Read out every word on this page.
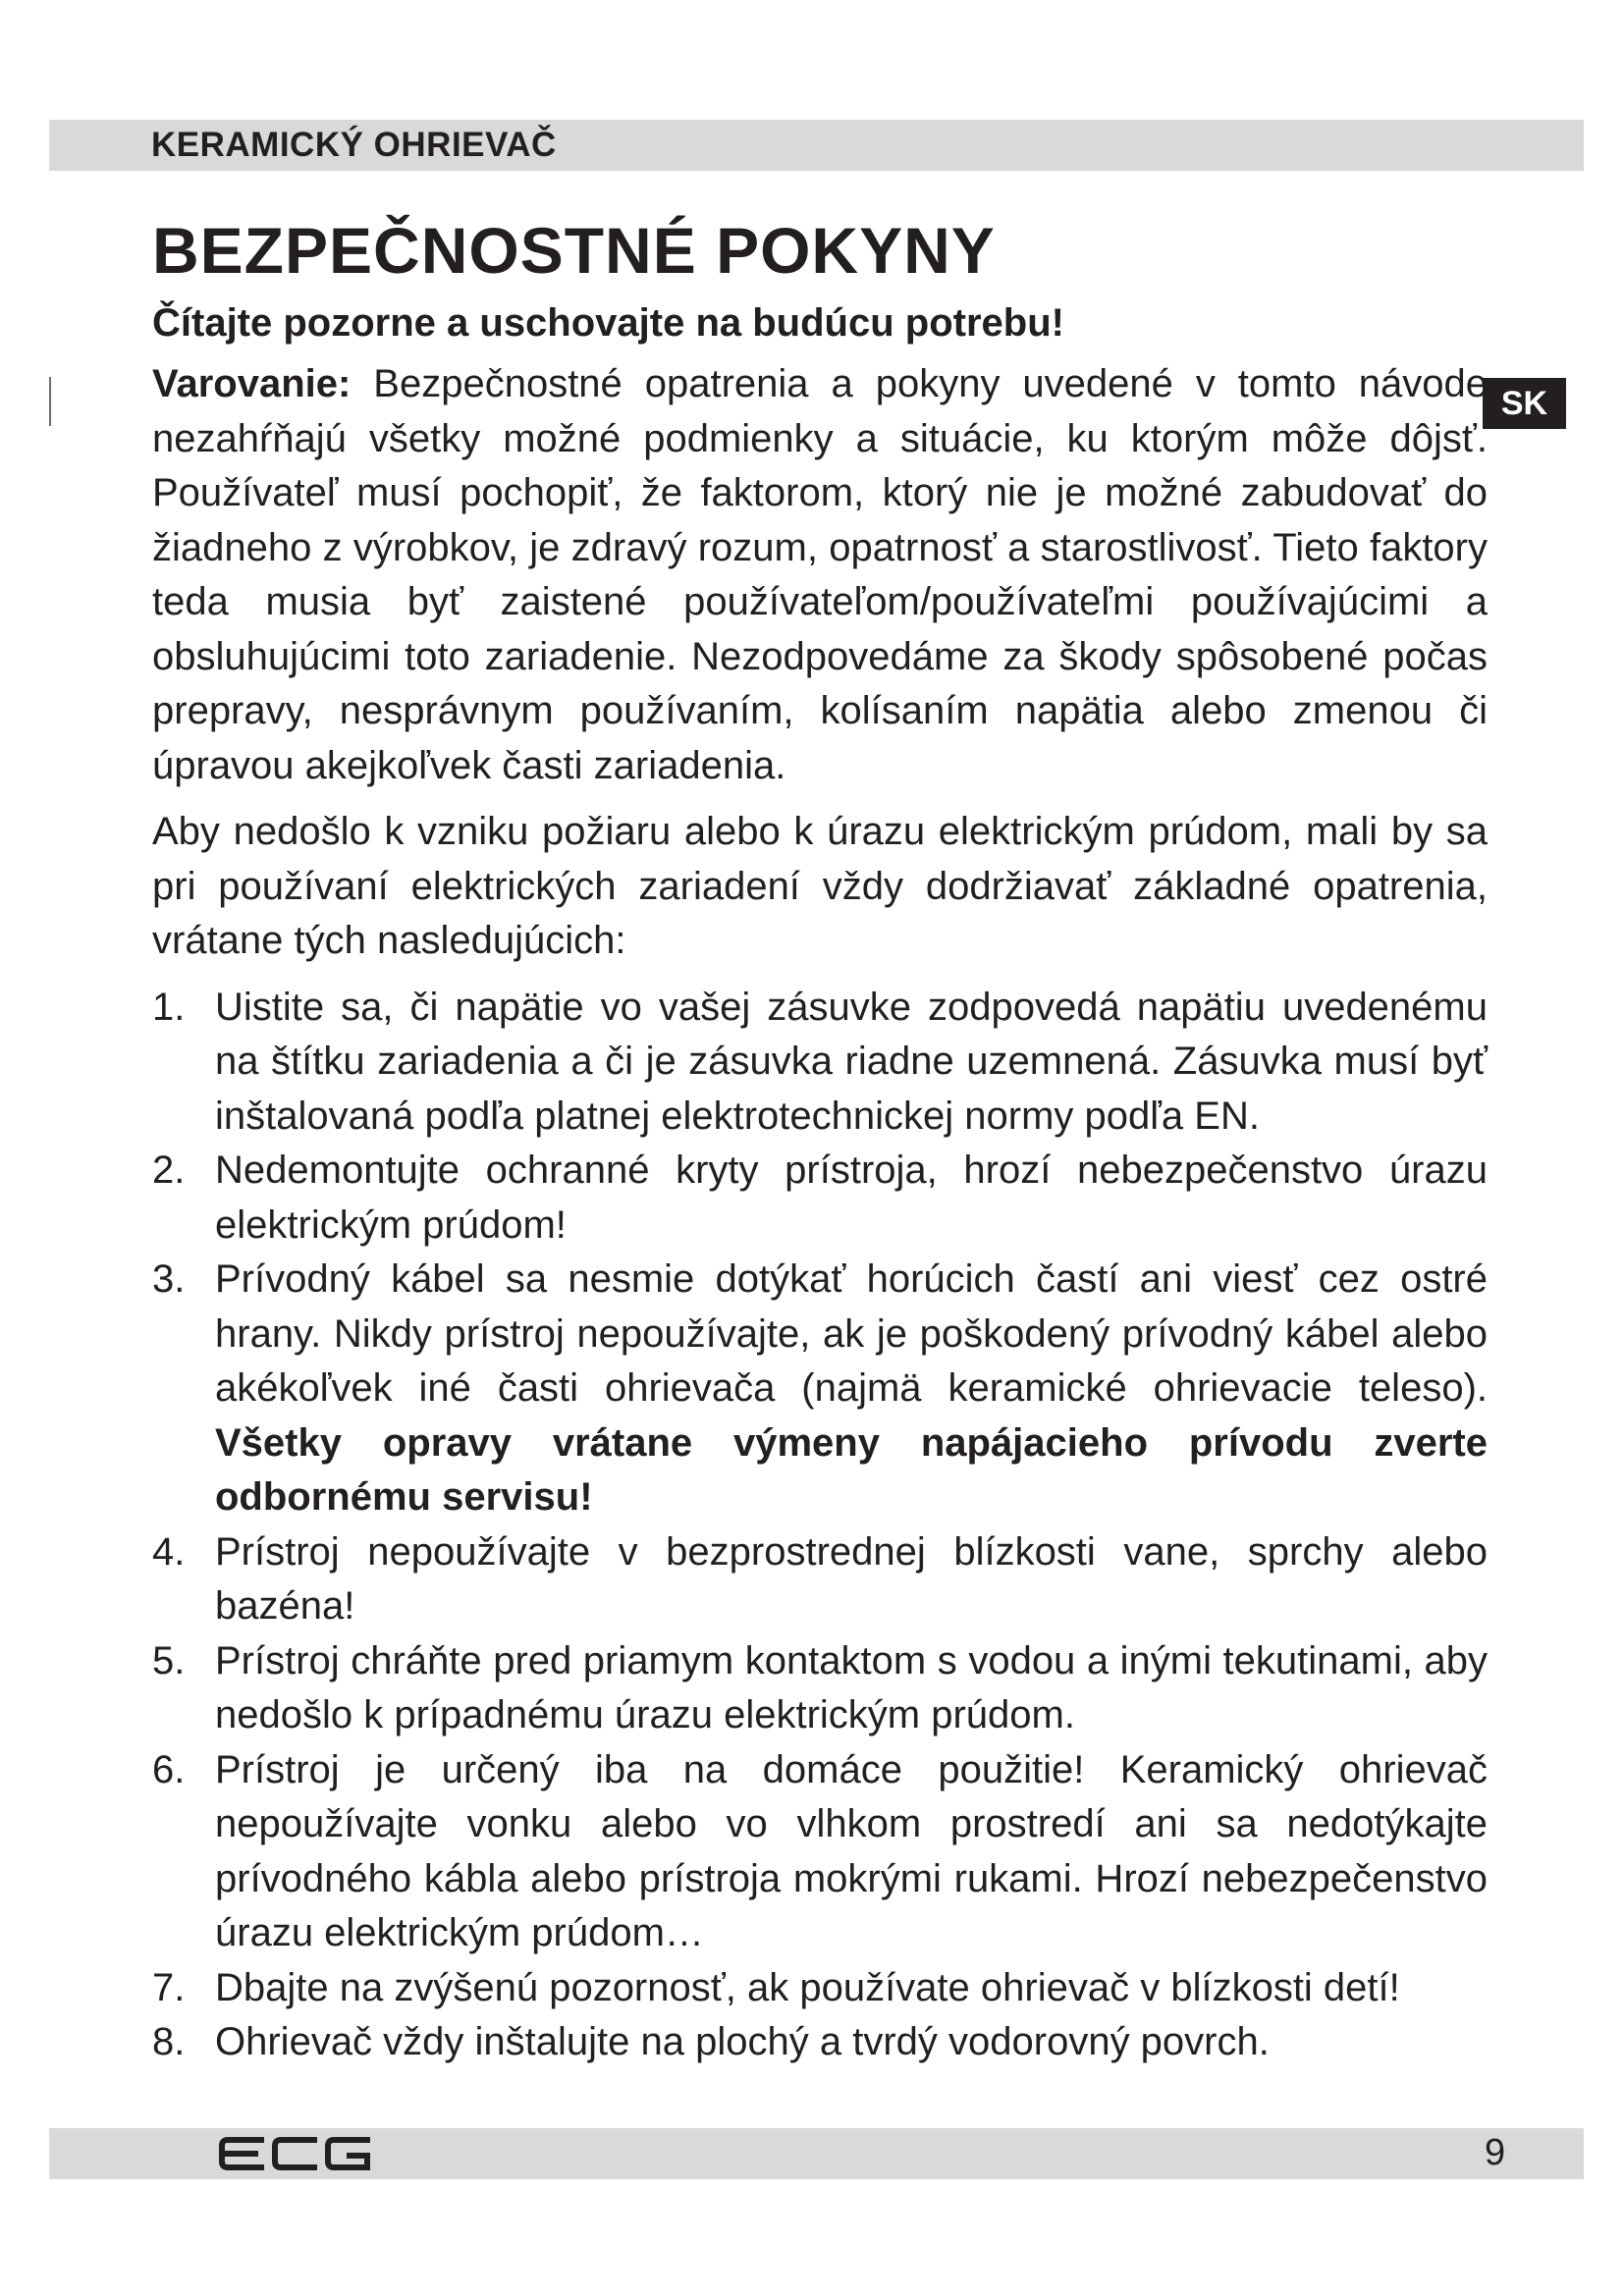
KERAMICKÝ OHRIEVAČ
SK
BEZPEČNOSTNÉ POKYNY
Čítajte pozorne a uschovajte na budúcu potrebu!

Varovanie: Bezpečnostné opatrenia a pokyny uvedené v tomto návode nezahŕňajú všetky možné podmienky a situácie, ku ktorým môže dôjsť. Používateľ musí pochopiť, že faktorom, ktorý nie je možné zabudovať do žiadneho z výrobkov, je zdravý rozum, opatrnosť a starostlivosť. Tieto faktory teda musia byť zaistené používateľom/používateľmi používajúcimi a obsluhujúcimi toto zariadenie. Nezodpovedáme za škody spôsobené počas prepravy, nesprávnym používaním, kolísaním napätia alebo zmenou či úpravou akejkoľvek časti zariadenia.

Aby nedošlo k vzniku požiaru alebo k úrazu elektrickým prúdom, mali by sa pri používaní elektrických zariadení vždy dodržiavať základné opatrenia, vrátane tých nasledujúcich:

1. Uistite sa, či napätie vo vašej zásuvke zodpovedá napätiu uvedenému na štítku zariadenia a či je zásuvka riadne uzemnená. Zásuvka musí byť inštalovaná podľa platnej elektrotechnickej normy podľa EN.
2. Nedemontujte ochranné kryty prístroja, hrozí nebezpečenstvo úrazu elektrickým prúdom!
3. Prívodný kábel sa nesmie dotýkať horúcich častí ani viesť cez ostré hrany. Nikdy prístroj nepoužívajte, ak je poškodený prívodný kábel alebo akékoľvek iné časti ohrievača (najmä keramické ohrievacie teleso). Všetky opravy vrátane výmeny napájacieho prívodu zverte odbornému servisu!
4. Prístroj nepoužívajte v bezprostrednej blízkosti vane, sprchy alebo bazéna!
5. Prístroj chráňte pred priamym kontaktom s vodou a inými tekutinami, aby nedošlo k prípadnému úrazu elektrickým prúdom.
6. Prístroj je určený iba na domáce použitie! Keramický ohrievač nepoužívajte vonku alebo vo vlhkom prostredí ani sa nedotýkajte prívodného kábla alebo prístroja mokrými rukami. Hrozí nebezpečenstvo úrazu elektrickým prúdom…
7. Dbajte na zvýšenú pozornosť, ak používate ohrievač v blízkosti detí!
8. Ohrievač vždy inštalujte na plochý a tvrdý vodorovný povrch.
9
